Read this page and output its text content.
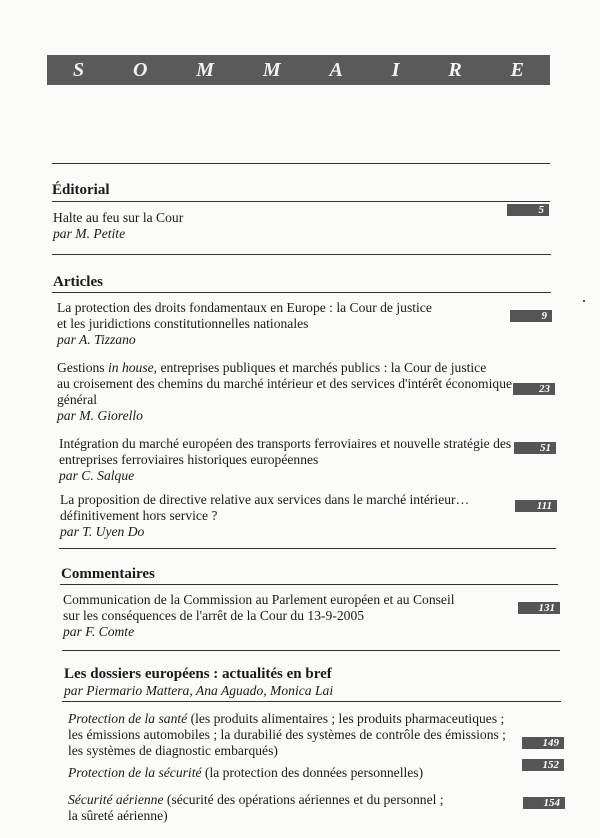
S O M M A I R E
Éditorial
Halte au feu sur la Cour
par M. Petite
5
Articles
La protection des droits fondamentaux en Europe : la Cour de justice
et les juridictions constitutionnelles nationales
par A. Tizzano
9
Gestions in house, entreprises publiques et marchés publics : la Cour de justice
au croisement des chemins du marché intérieur et des services d'intérêt économique
général
par M. Giorello
23
Intégration du marché européen des transports ferroviaires et nouvelle stratégie des
entreprises ferroviaires historiques européennes
par C. Salque
51
La proposition de directive relative aux services dans le marché intérieur…
définitivement hors service ?
par T. Uyen Do
111
Commentaires
Communication de la Commission au Parlement européen et au Conseil
sur les conséquences de l'arrêt de la Cour du 13-9-2005
par F. Comte
131
Les dossiers européens : actualités en bref
par Piermario Mattera, Ana Aguado, Monica Lai
Protection de la santé (les produits alimentaires ; les produits pharmaceutiques ;
les émissions automobiles ; la durabilié des systèmes de contrôle des émissions ;
les systèmes de diagnostic embarqués)	149
Protection de la sécurité (la protection des données personnelles)	152
Sécurité aérienne (sécurité des opérations aériennes et du personnel ;
la sûreté aérienne)
154
